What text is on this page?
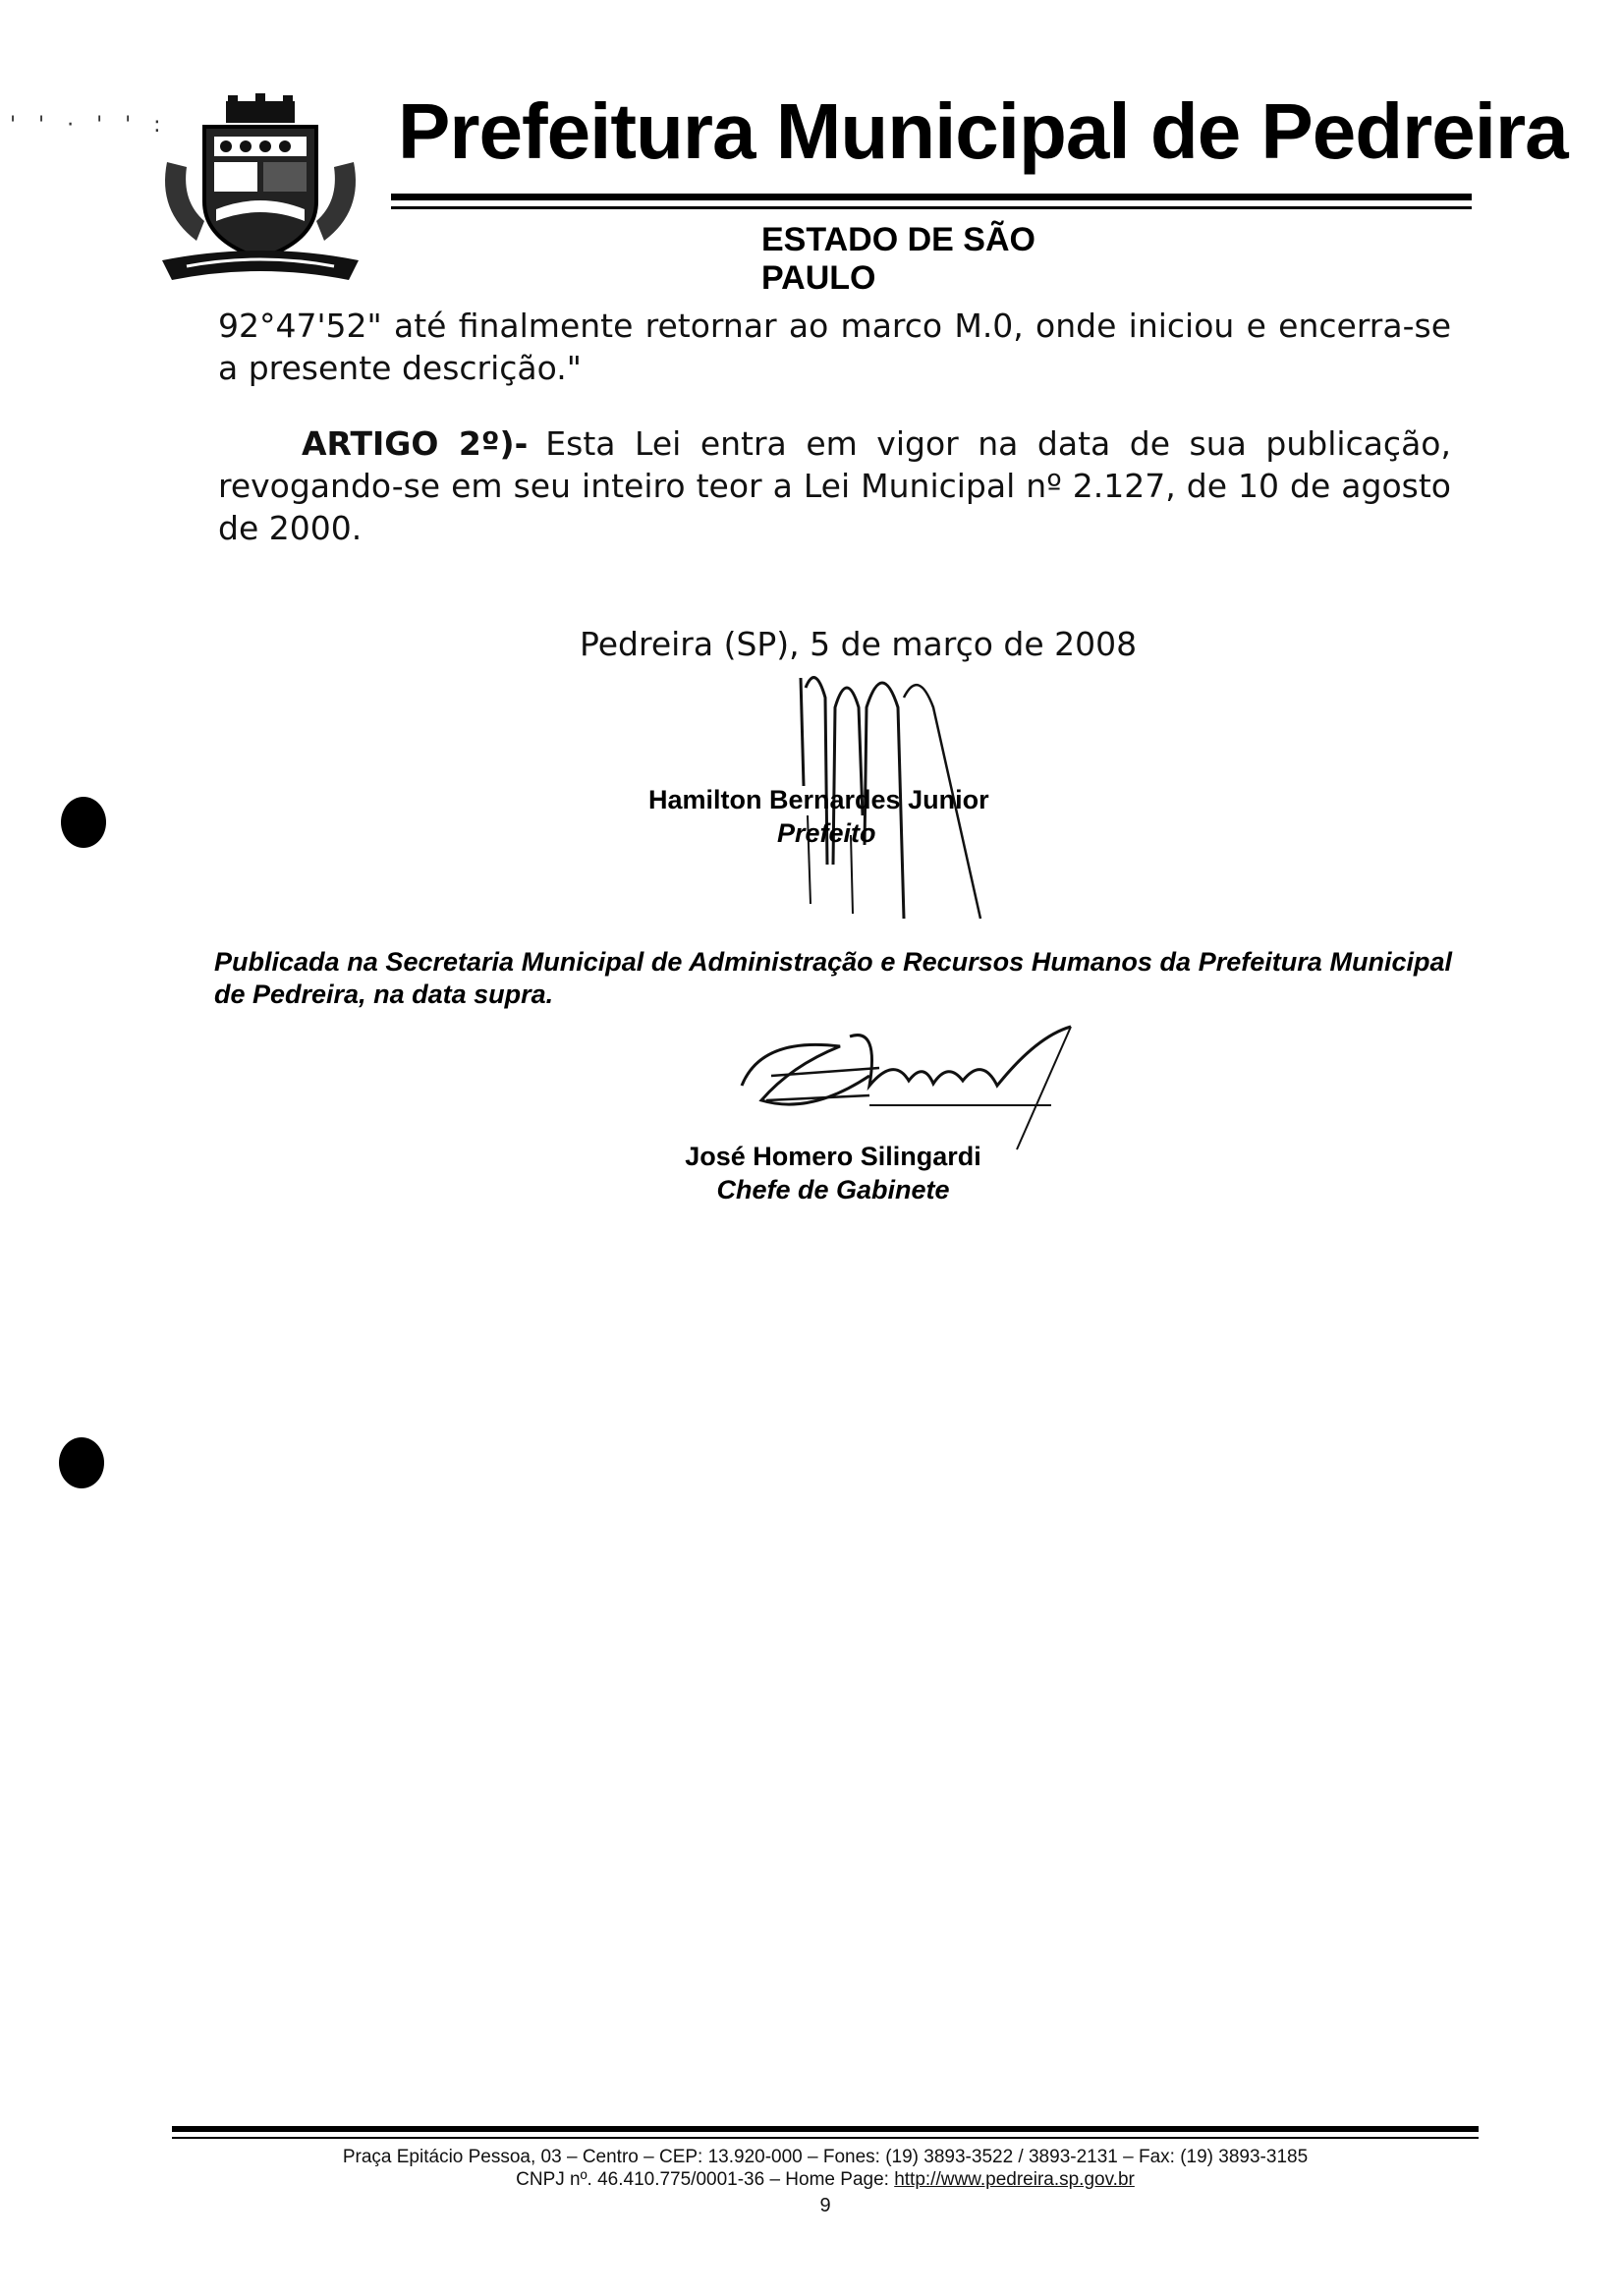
' ' · ' ' :	Prefeitura Municipal de Pedreira
ESTADO DE SÃO PAULO
92°47'52" até finalmente retornar ao marco M.0, onde iniciou e encerra-se a presente descrição."
ARTIGO 2º)- Esta Lei entra em vigor na data de sua publicação, revogando-se em seu inteiro teor a Lei Municipal nº 2.127, de 10 de agosto de 2000.
Pedreira (SP), 5 de março de 2008
Hamilton Bernardes Junior
Prefeito
Publicada na Secretaria Municipal de Administração e Recursos Humanos da Prefeitura Municipal de Pedreira, na data supra.
José Homero Silingardi
Chefe de Gabinete
Praça Epitácio Pessoa, 03 – Centro – CEP: 13.920-000 – Fones: (19) 3893-3522 / 3893-2131 – Fax: (19) 3893-3185
CNPJ nº. 46.410.775/0001-36 – Home Page: http://www.pedreira.sp.gov.br
9
